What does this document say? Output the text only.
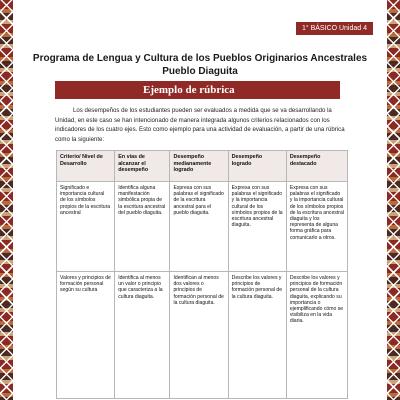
1° BÁSICO Unidad 4
Programa de Lengua y Cultura de los Pueblos Originarios Ancestrales
Pueblo Diaguita
Ejemplo de rúbrica

Los desempeños de los estudiantes pueden ser evaluados a medida que se va desarrollando la Unidad, en este caso se han intencionado de manera integrada algunos criterios relacionados con los indicadores de los cuatro ejes. Esto como ejemplo para una actividad de evaluación, a partir de una rúbrica como la siguiente:

Criterio/ Nivel de Desarrollo	En vías de alcanzar el desempeño	Desempeño medianamente logrado	Desempeño logrado	Desempeño destacado
Significado e importancia cultural de los símbolos propios de la escritura ancestral	Identifica alguna manifestación simbólica propia de la escritura ancestral del pueblo diaguita.	Expresa con sus palabras el significado de la escritura ancestral para el pueblo diaguita.	Expresa con sus palabras el significado y la importancia cultural de los símbolos propios de la escritura ancestral diaguita.	Expresa con sus palabras el significado y la importancia cultural de los símbolos propios de la escritura ancestral diaguita y los representa de alguna forma gráfica para comunicarlo a otros.
Valores y principios de formación personal según su cultura	Identifica al menos un valor o principio que caracteriza a la cultura diaguita.	Identifican al menos dos valores o principios de formación personal de la cultura diaguita.	Describe los valores y principios de formación personal de la cultura diaguita.	Describe los valores y principios de formación personal de la cultura diaguita, explicando su importancia o ejemplificando cómo se visibiliza en la vida diaria.
